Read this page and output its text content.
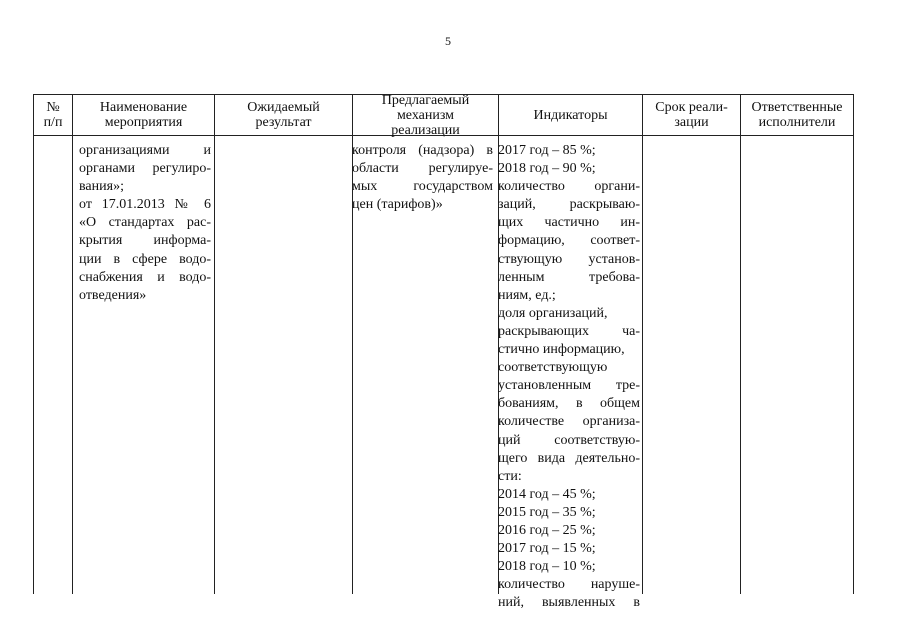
5
№
п/п
Наименование
мероприятия
Ожидаемый
результат
Предлагаемый
механизм
реализации
Индикаторы	Срок реали-
зации
Ответственные
исполнители
организациями и
органами регулиро-
вания»;
от 17.01.2013 № 6
«О стандартах рас-
крытия информа-
ции в сфере водо-
снабжения и водо-
отведения»
контроля (надзора) в
области регулируе-
мых государством
цен (тарифов)»
2017 год – 85 %;
2018 год – 90 %;
количество органи-
заций, раскрываю-
щих частично ин-
формацию, соответ-
ствующую установ-
ленным требова-
ниям, ед.;
доля организаций,
раскрывающих ча-
стично информацию,
соответствующую
установленным тре-
бованиям, в общем
количестве организа-
ций соответствую-
щего вида деятельно-
сти:
2014 год – 45 %;
2015 год – 35 %;
2016 год – 25 %;
2017 год – 15 %;
2018 год – 10 %;
количество наруше-
ний, выявленных в
